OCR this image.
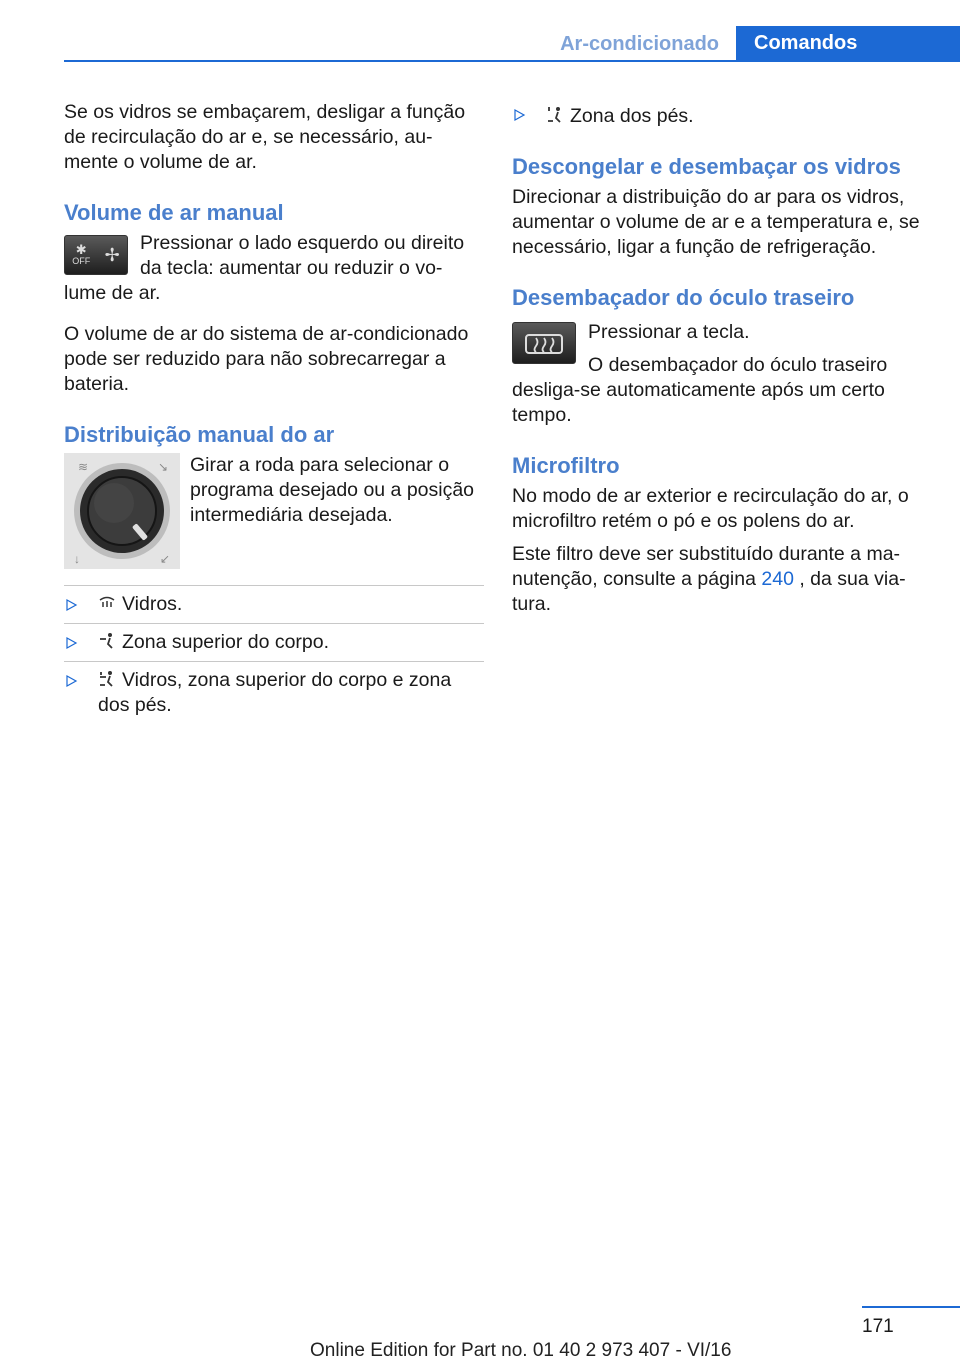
Ar-condicionado	Comandos

Se os vidros se embaçarem, desligar a função de recirculação do ar e, se necessário, au-mente o volume de ar.

Volume de ar manual
✱
OFF ✢

Pressionar o lado esquerdo ou direito da tecla: aumentar ou reduzir o vo-lume de ar.

O volume de ar do sistema de ar-condicionado pode ser reduzido para não sobrecarregar a bateria.

Distribuição manual do ar
≋	↘
↓	↙

Girar a roda para selecionar o programa desejado ou a posição intermediária desejada.

Vidros.
Zona superior do corpo.
Vidros, zona superior do corpo e zona dos pés.
Zona dos pés.
Descongelar e desembaçar os vidros

Direcionar a distribuição do ar para os vidros, aumentar o volume de ar e a temperatura e, se necessário, ligar a função de refrigeração.

Desembaçador do óculo traseiro

Pressionar a tecla.

O desembaçador do óculo traseiro desliga-se automaticamente após um certo tempo.

Microfiltro

No modo de ar exterior e recirculação do ar, o microfiltro retém o pó e os polens do ar.

Este filtro deve ser substituído durante a ma-nutenção, consulte a página 240 , da sua via-tura.

171
Online Edition for Part no. 01 40 2 973 407 - VI/16
